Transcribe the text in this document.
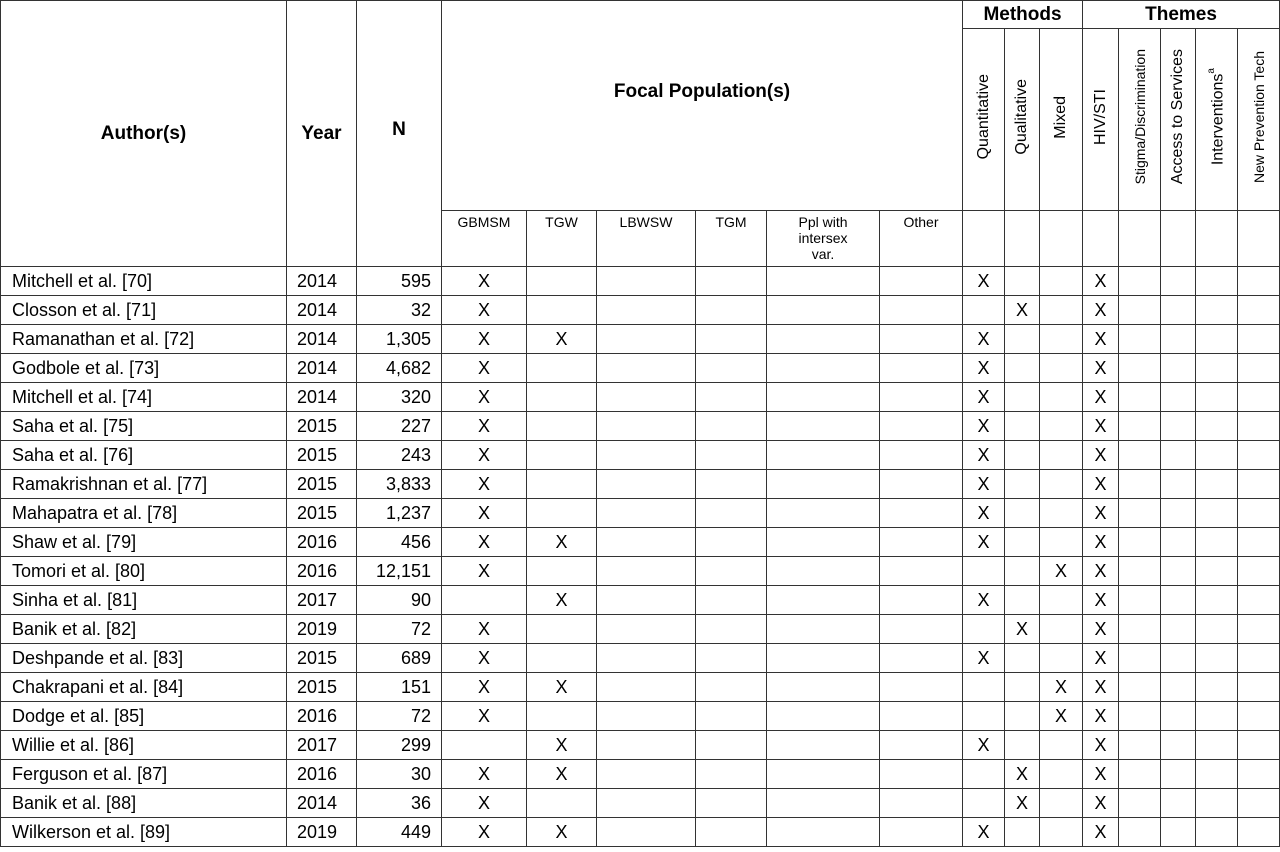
Author(s)	Year	N	Focal Population(s)						Methods			Themes				
									Quantitative	Qualitative	Mixed	HIV/STI	Stigma/Discrimination	Access to Services	Interventions$^a$	New Prevention Tech
			GBMSM	TGW	LBWSW	TGM	Ppl with intersex var.	Other								
Mitchell et al. [70]	2014	595	X						X			X				
Closson et al. [71]	2014	32	X							X		X				
Ramanathan et al. [72]	2014	1,305	X	X					X			X				
Godbole et al. [73]	2014	4,682	X						X			X				
Mitchell et al. [74]	2014	320	X						X			X				
Saha et al. [75]	2015	227	X						X			X				
Saha et al. [76]	2015	243	X						X			X				
Ramakrishnan et al. [77]	2015	3,833	X						X			X				
Mahapatra et al. [78]	2015	1,237	X						X			X				
Shaw et al. [79]	2016	456	X	X					X			X				
Tomori et al. [80]	2016	12,151	X								X	X				
Sinha et al. [81]	2017	90		X					X			X				
Banik et al. [82]	2019	72	X							X		X				
Deshpande et al. [83]	2015	689	X						X			X				
Chakrapani et al. [84]	2015	151	X	X							X	X				
Dodge et al. [85]	2016	72	X								X	X				
Willie et al. [86]	2017	299		X					X			X				
Ferguson et al. [87]	2016	30	X	X						X		X				
Banik et al. [88]	2014	36	X							X		X				
Wilkerson et al. [89]	2019	449	X	X					X			X				
